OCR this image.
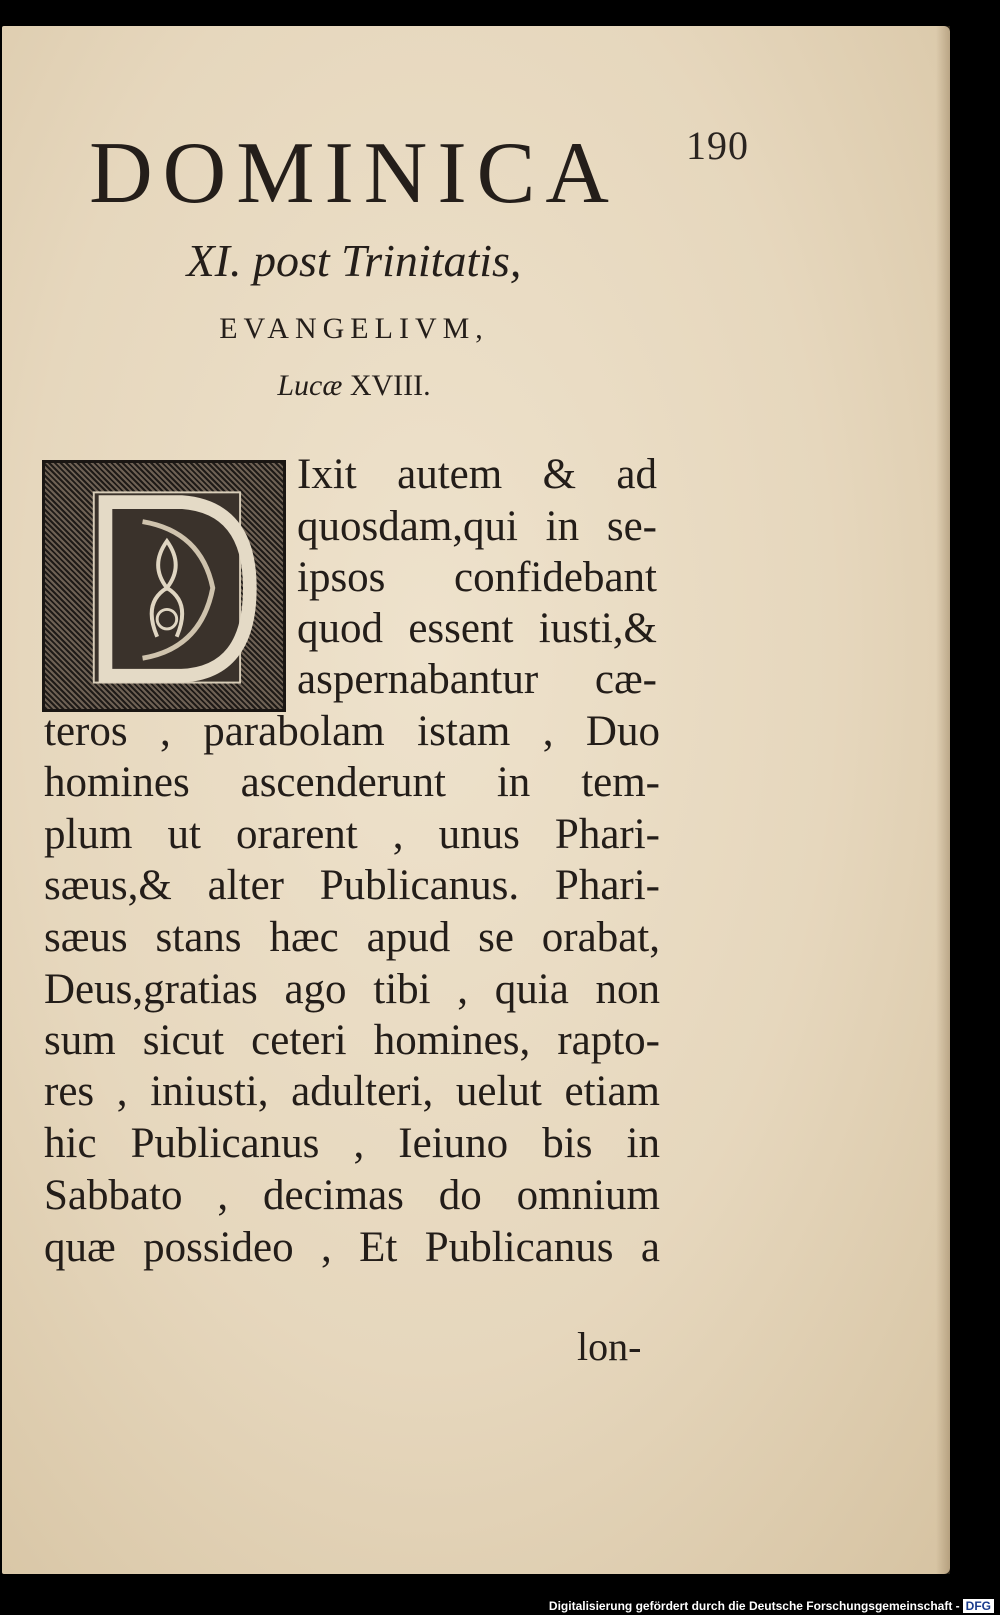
190
DOMINICA
XI. post Trinitatis,
EVANGELIVM,
Lucæ XVIII.
Ixit autem & ad
quosdam,qui in se-
ipsos confidebant
quod essent iusti,&
aspernabantur cæ-
teros , parabolam istam , Duo
homines ascenderunt in tem-
plum ut orarent , unus Phari-
sæus,& alter Publicanus. Phari-
sæus stans hæc apud se orabat,
Deus,gratias ago tibi , quia non
sum sicut ceteri homines, rapto-
res , iniusti, adulteri, uelut etiam
hic Publicanus , Ieiuno bis in
Sabbato , decimas do omnium
quæ possideo , Et Publicanus a
lon-
Digitalisierung gefördert durch die Deutsche Forschungsgemeinschaft - DFG
